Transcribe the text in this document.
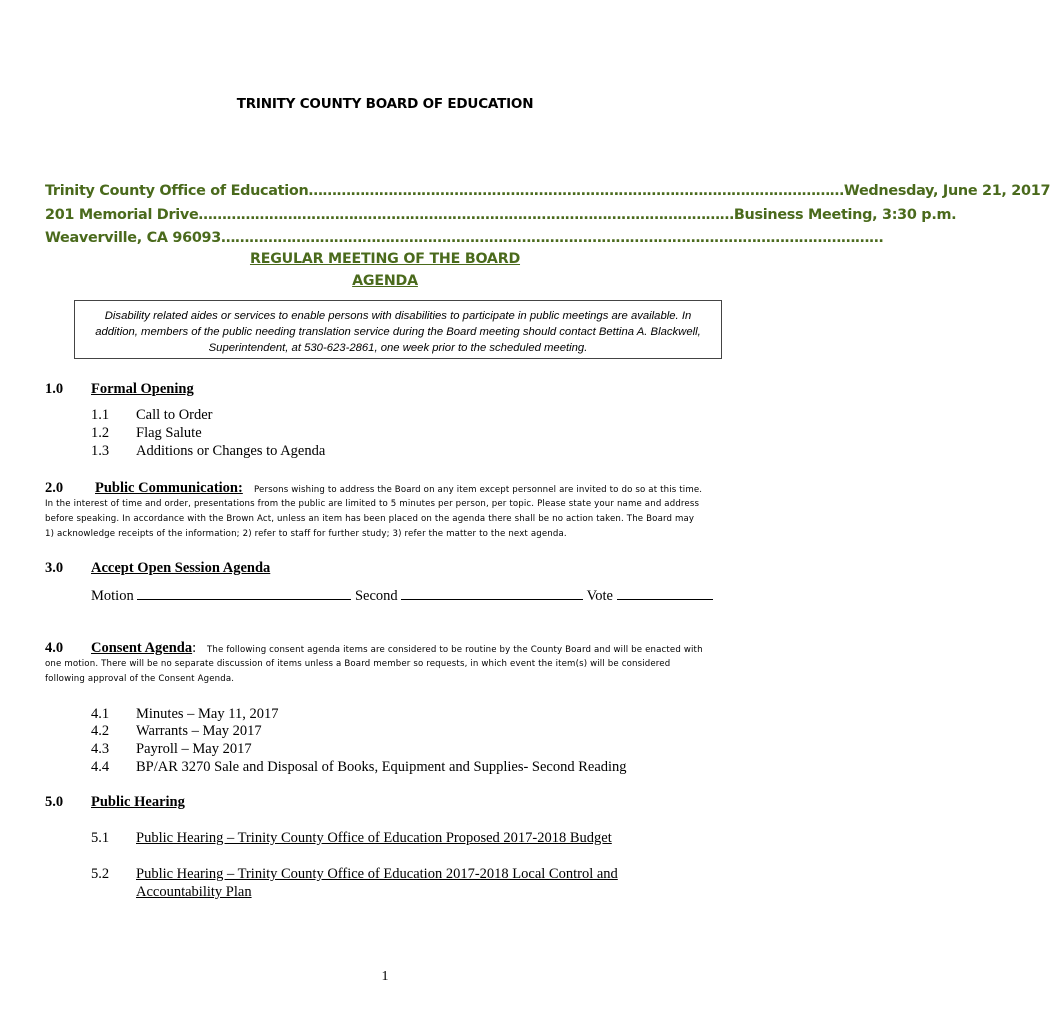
TRINITY COUNTY BOARD OF EDUCATION
Trinity County Office of Education …………………………………………………………………………………………………… Wednesday, June 21, 2017
201 Memorial Drive …………………………………………………………………………………………………… Business Meeting, 3:30 p.m.
Weaverville, CA 96093 ……………………………………………………………………………………………………………………………
REGULAR MEETING OF THE BOARD
AGENDA
Disability related aides or services to enable persons with disabilities to participate in public meetings are available. In addition, members of the public needing translation service during the Board meeting should contact Bettina A. Blackwell, Superintendent, at 530-623-2861, one week prior to the scheduled meeting.
1.0 Formal Opening
1.1 Call to Order
1.2 Flag Salute
1.3 Additions or Changes to Agenda
2.0 Public Communication: Persons wishing to address the Board on any item except personnel are invited to do so at this time.
In the interest of time and order, presentations from the public are limited to 5 minutes per person, per topic. Please state your name and address
before speaking. In accordance with the Brown Act, unless an item has been placed on the agenda there shall be no action taken. The Board may
1) acknowledge receipts of the information; 2) refer to staff for further study; 3) refer the matter to the next agenda.
3.0 Accept Open Session Agenda
Motion	Second	Vote
4.0 Consent Agenda: The following consent agenda items are considered to be routine by the County Board and will be enacted with
one motion. There will be no separate discussion of items unless a Board member so requests, in which event the item(s) will be considered
following approval of the Consent Agenda.
4.1 Minutes – May 11, 2017
4.2 Warrants – May 2017
4.3 Payroll – May 2017
4.4 BP/AR 3270 Sale and Disposal of Books, Equipment and Supplies- Second Reading
5.0 Public Hearing
5.1 Public Hearing – Trinity County Office of Education Proposed 2017-2018 Budget
5.2 Public Hearing – Trinity County Office of Education 2017-2018 Local Control and
Accountability Plan
1
